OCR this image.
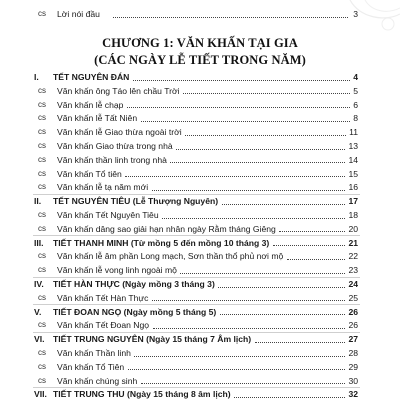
cs Lời nói đầu	3
CHƯƠNG 1: VĂN KHẤN TẠI GIA
(CÁC NGÀY LỄ TIẾT TRONG NĂM)
I. TẾT NGUYÊN ĐÁN	4
cs Văn khấn ông Táo lên chầu Trời	5
cs Văn khấn lễ chạp	6
cs Văn khấn lễ Tất Niên	8
cs Văn khấn lễ Giao thừa ngoài trời	11
cs Văn khấn Giao thừa trong nhà	13
cs Văn khấn thần linh trong nhà	14
cs Văn khấn Tổ tiên	15
cs Văn khấn lễ tạ năm mới	16
II. TẾT NGUYÊN TIÊU (Lễ Thượng Nguyên)	17
cs Văn khấn Tết Nguyên Tiêu	18
cs Văn khấn dâng sao giải hạn nhân ngày Rằm tháng Giêng	20
III. TIẾT THANH MINH (Từ mồng 5 đến mồng 10 tháng 3)	21
cs Văn khấn lễ âm phần Long mạch, Sơn thần thổ phủ nơi mộ	22
cs Văn khấn lễ vong linh ngoài mộ	23
IV. TIẾT HÀN THỰC (Ngày mồng 3 tháng 3)	24
cs Văn khấn Tết Hàn Thực	25
V. TIẾT ĐOAN NGỌ (Ngày mồng 5 tháng 5)	26
cs Văn khấn Tết Đoan Ngọ	26
VI. TIẾT TRUNG NGUYÊN (Ngày 15 tháng 7 Âm lịch)	27
cs Văn khấn Thần linh	28
cs Văn khấn Tổ Tiên	29
cs Văn khấn chúng sinh	30
VII. TIẾT TRUNG THU (Ngày 15 tháng 8 âm lịch)	32
